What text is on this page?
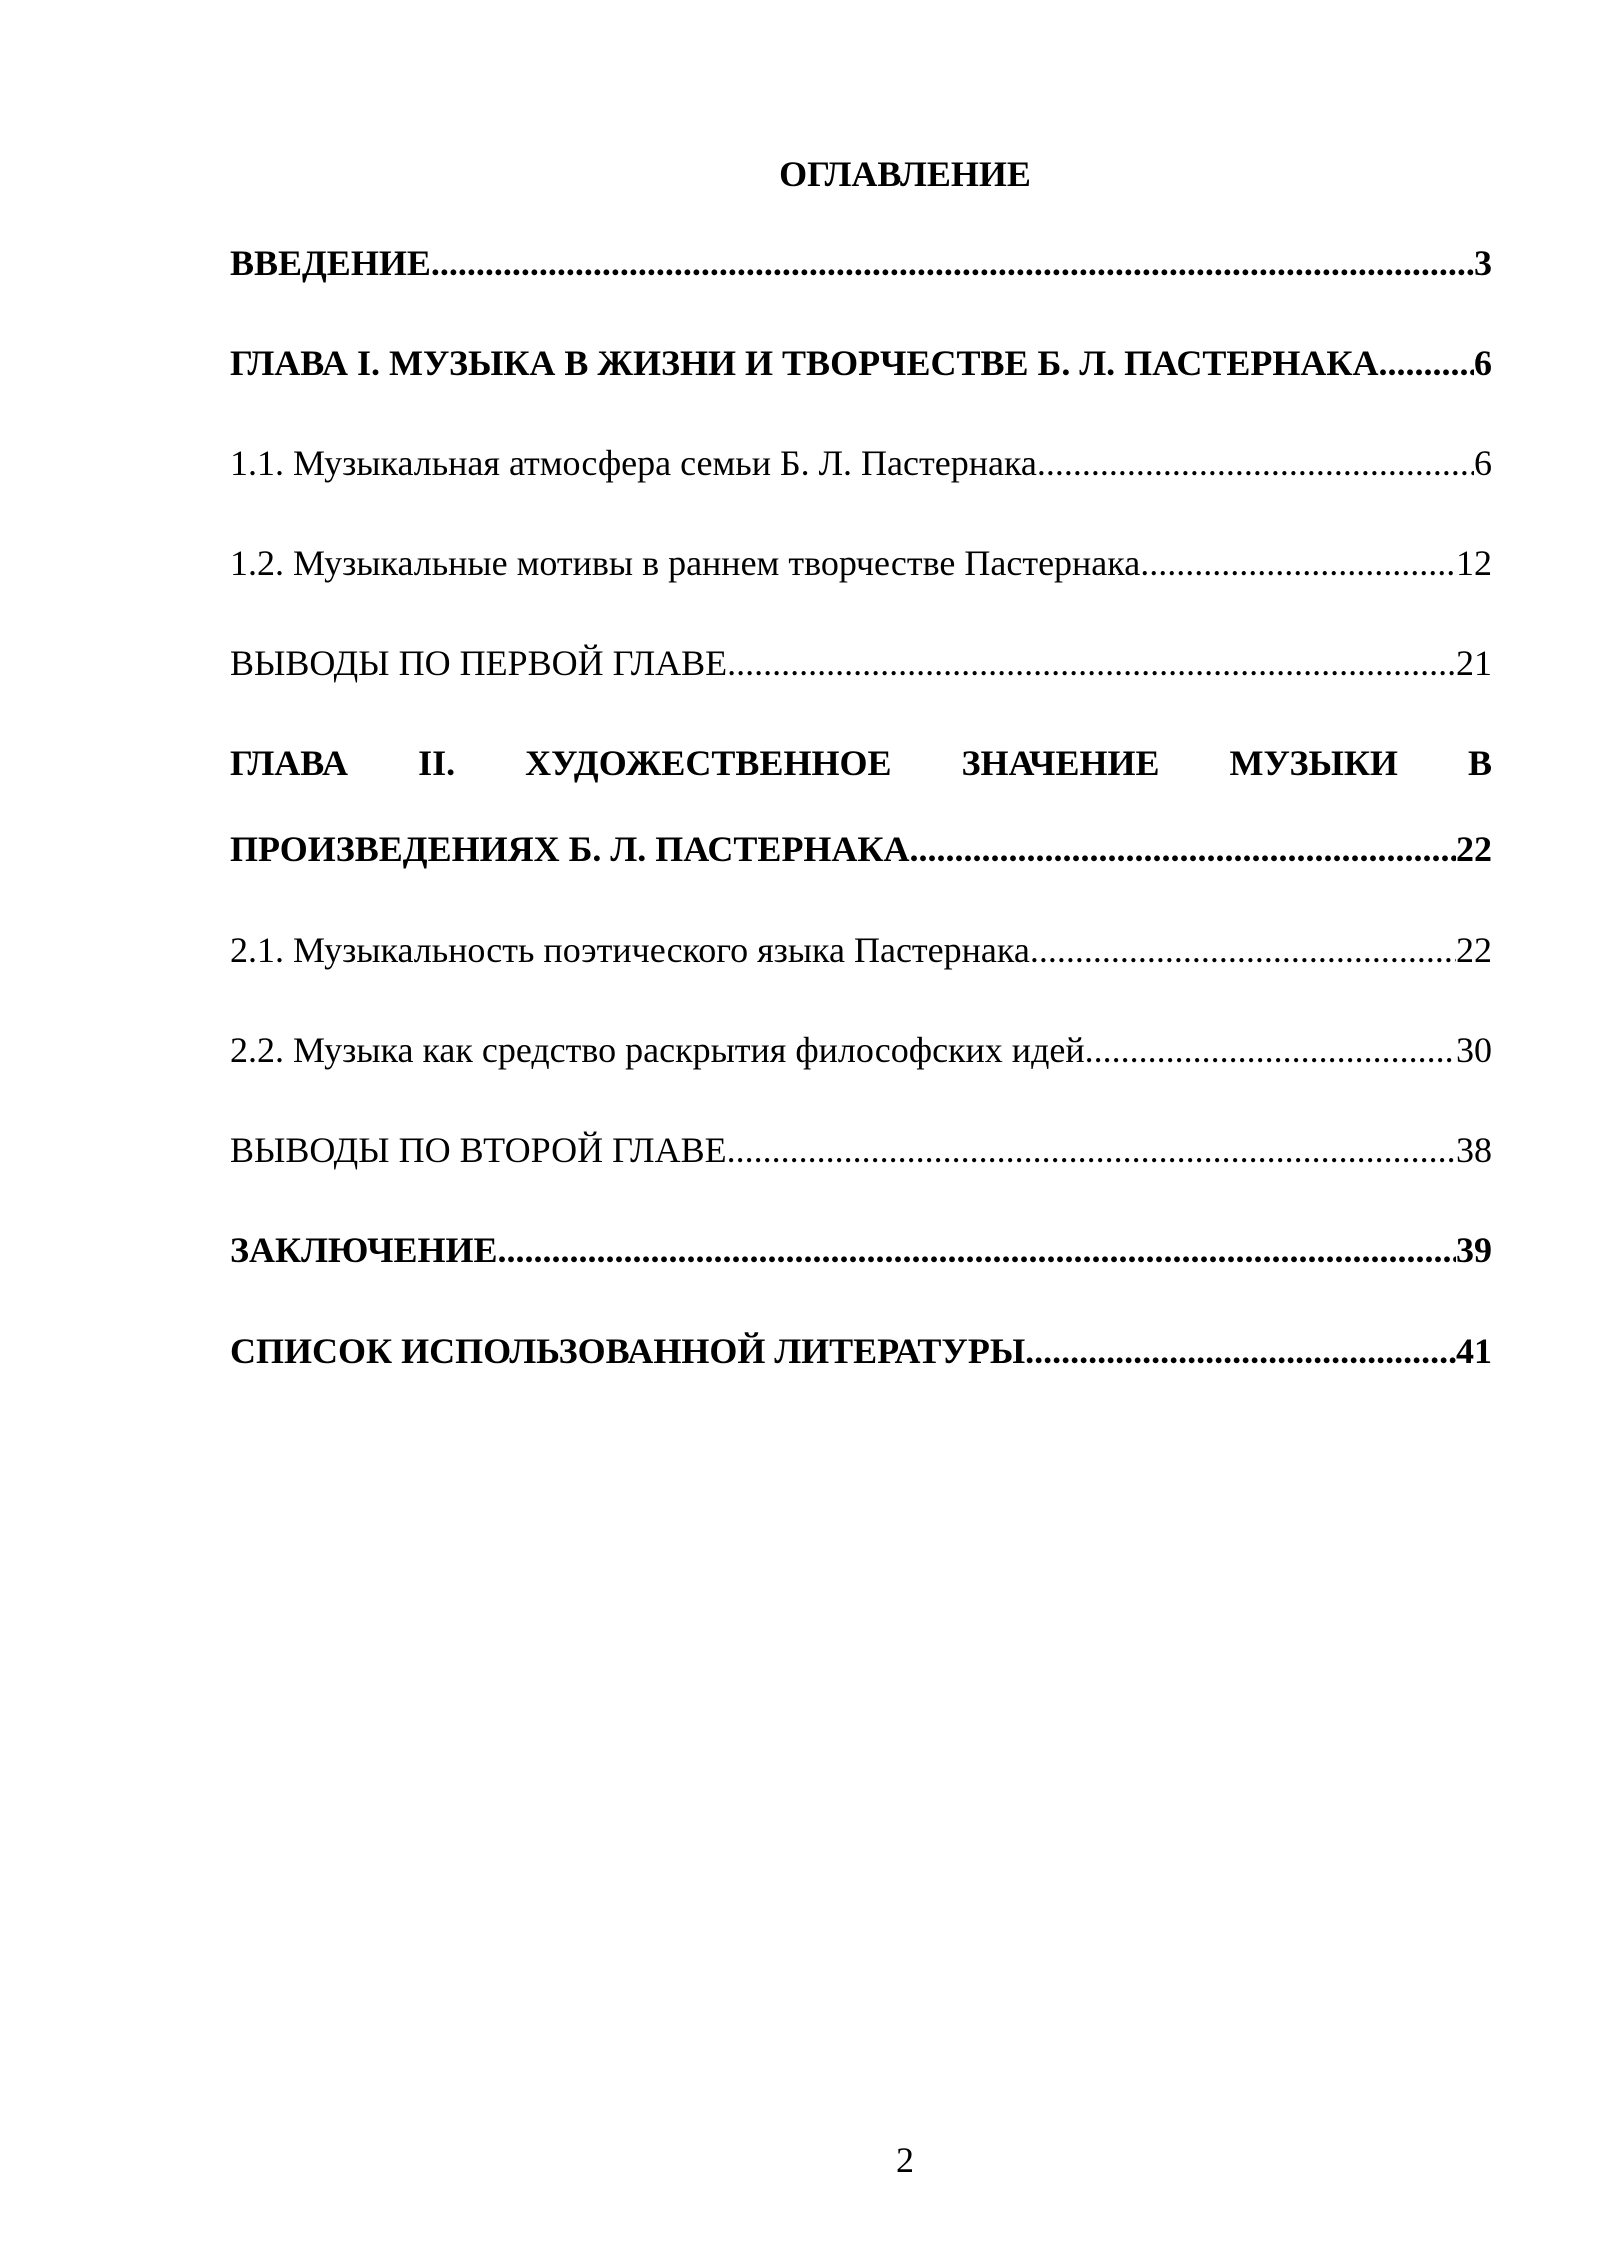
ОГЛАВЛЕНИЕ
ВВЕДЕНИЕ .....	3
ГЛАВА I. МУЗЫКА В ЖИЗНИ И ТВОРЧЕСТВЕ Б. Л. ПАСТЕРНАКА. ..... 6
1.1. Музыкальная атмосфера семьи Б. Л. Пастернака .....	6
1.2. Музыкальные мотивы в раннем творчестве Пастернака .....	12
ВЫВОДЫ ПО ПЕРВОЙ ГЛАВЕ .....	21
ГЛАВА II. ХУДОЖЕСТВЕННОЕ ЗНАЧЕНИЕ МУЗЫКИ В
ПРОИЗВЕДЕНИЯХ Б. Л. ПАСТЕРНАКА .....	22
2.1. Музыкальность поэтического языка Пастернака .....	22
2.2. Музыка как средство раскрытия философских идей .....	30
ВЫВОДЫ ПО ВТОРОЙ ГЛАВЕ .....	38
ЗАКЛЮЧЕНИЕ .....	39
СПИСОК ИСПОЛЬЗОВАННОЙ ЛИТЕРАТУРЫ .....	41
2
